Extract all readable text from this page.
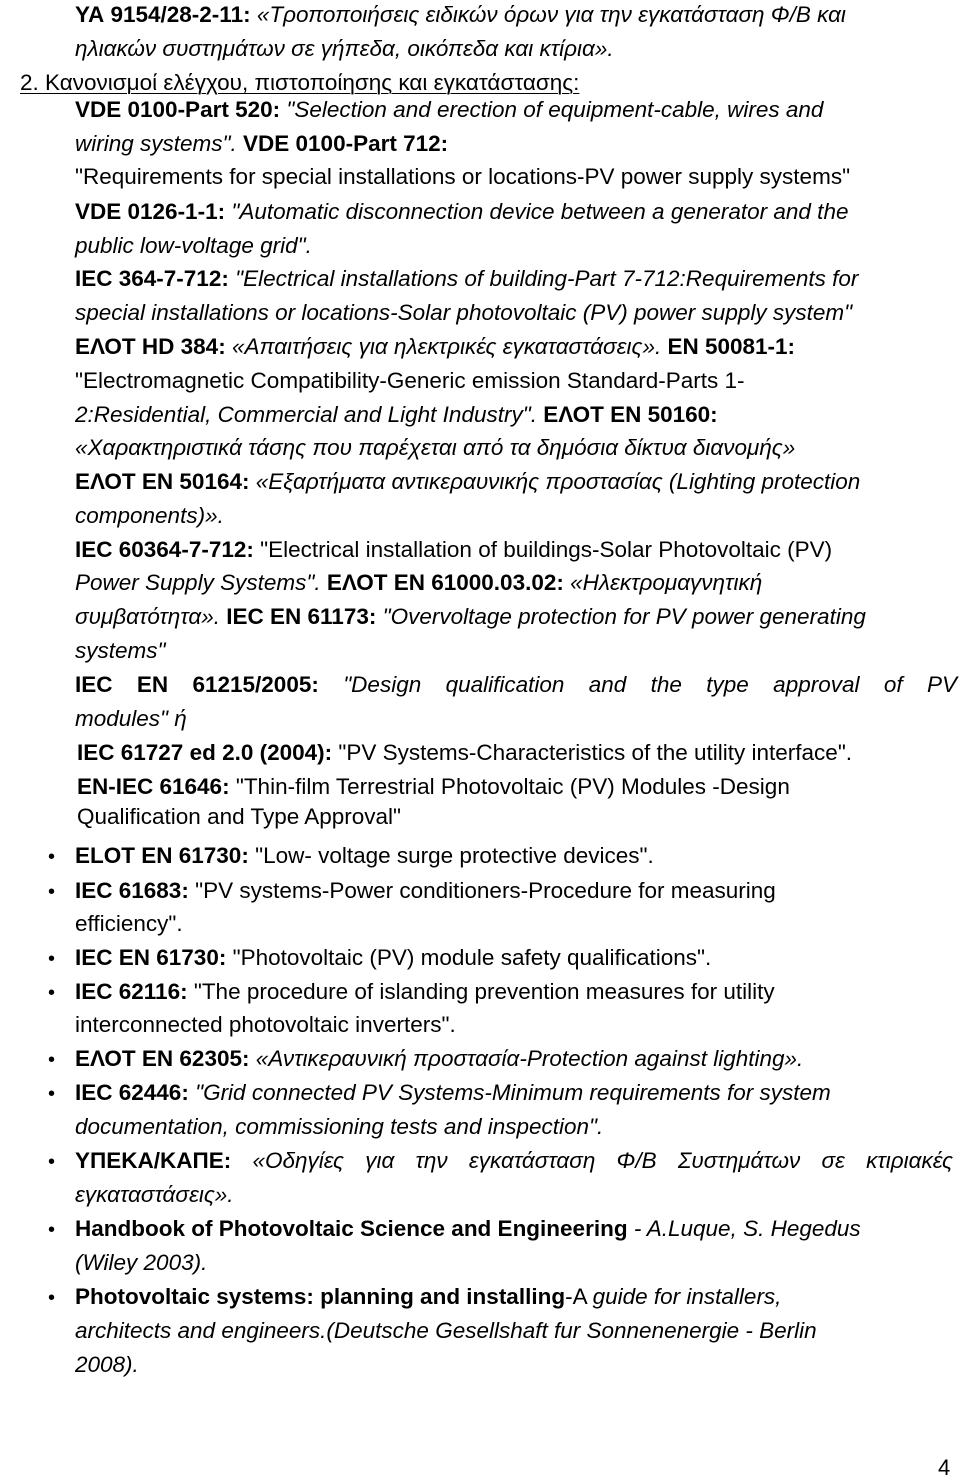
ΥΑ 9154/28-2-11: «Τροποποιήσεις ειδικών όρων για την εγκατάσταση Φ/Β και
ηλιακών συστημάτων σε γήπεδα, οικόπεδα και κτίρια».
2. Κανονισμοί ελέγχου, πιστοποίησης και εγκατάστασης:
VDE 0100-Part 520: "Selection and erection of equipment-cable, wires and
wiring systems". VDE 0100-Part 712:
"Requirements for special installations or locations-PV power supply systems"
VDE 0126-1-1: "Automatic disconnection device between a generator and the
public low-voltage grid".
IEC 364-7-712: "Electrical installations of building-Part 7-712:Requirements for
special installations or locations-Solar photovoltaic (PV) power supply system"
ΕΛΟΤ HD 384: «Απαιτήσεις για ηλεκτρικές εγκαταστάσεις». EN 50081-1:
"Electromagnetic Compatibility-Generic emission Standard-Parts 1-
2:Residential, Commercial and Light Industry". ΕΛΟΤ EN 50160:
«Χαρακτηριστικά τάσης που παρέχεται από τα δημόσια δίκτυα διανομής»
ΕΛΟΤ EN 50164: «Εξαρτήματα αντικεραυνικής προστασίας (Lighting protection
components)».
IEC 60364-7-712: "Electrical installation of buildings-Solar Photovoltaic (PV)
Power Supply Systems". ΕΛΟΤ EN 61000.03.02: «Ηλεκτρομαγνητική
συμβατότητα». IEC EN 61173: "Overvoltage protection for PV power generating
systems"
IEC EN 61215/2005: "Design qualification and the type approval of PV
modules" ή
IEC 61727 ed 2.0 (2004): "PV Systems-Characteristics of the utility interface".
EN-IEC 61646: "Thin-film Terrestrial Photovoltaic (PV) Modules -Design
Qualification and Type Approval"
ELOT EN 61730: "Low- voltage surge protective devices".
•
IEC 61683: "PV systems-Power conditioners-Procedure for measuring
•
efficiency".
IEC EN 61730: "Photovoltaic (PV) module safety qualifications".
•
IEC 62116: "The procedure of islanding prevention measures for utility
•
interconnected photovoltaic inverters".
ΕΛΟΤ EN 62305: «Αντικεραυνική προστασία-Protection against lighting».
•
IEC 62446: "Grid connected PV Systems-Minimum requirements for system
•
documentation, commissioning tests and inspection".
ΥΠΕΚΑ/ΚΑΠΕ: «Οδηγίες για την εγκατάσταση Φ/Β Συστημάτων σε κτιριακές
•
εγκαταστάσεις».
Handbook of Photovoltaic Science and Engineering - A.Luque, S. Hegedus
•
(Wiley 2003).
Photovoltaic systems: planning and installing-A guide for installers,
•
architects and engineers.(Deutsche Gesellshaft fur Sonnenenergie - Berlin
2008).
4
